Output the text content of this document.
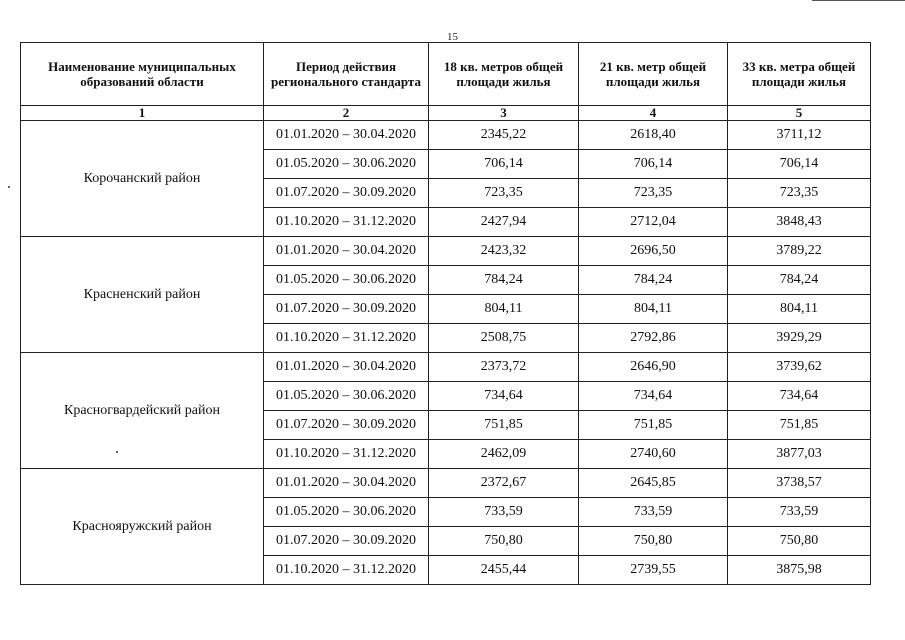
15
Наименование муниципальных образований области	Период действия регионального стандарта	18 кв. метров общей площади жилья	21 кв. метр общей площади жилья	33 кв. метра общей площади жилья
1	2	3	4	5
Корочанский район	01.01.2020 – 30.04.2020	2345,22	2618,40	3711,12
	01.05.2020 – 30.06.2020	706,14	706,14	706,14
	01.07.2020 – 30.09.2020	723,35	723,35	723,35
	01.10.2020 – 31.12.2020	2427,94	2712,04	3848,43
Красненский район	01.01.2020 – 30.04.2020	2423,32	2696,50	3789,22
	01.05.2020 – 30.06.2020	784,24	784,24	784,24
	01.07.2020 – 30.09.2020	804,11	804,11	804,11
	01.10.2020 – 31.12.2020	2508,75	2792,86	3929,29
Красногвардейский район	01.01.2020 – 30.04.2020	2373,72	2646,90	3739,62
	01.05.2020 – 30.06.2020	734,64	734,64	734,64
	01.07.2020 – 30.09.2020	751,85	751,85	751,85
	01.10.2020 – 31.12.2020	2462,09	2740,60	3877,03
Краснояружский район	01.01.2020 – 30.04.2020	2372,67	2645,85	3738,57
	01.05.2020 – 30.06.2020	733,59	733,59	733,59
	01.07.2020 – 30.09.2020	750,80	750,80	750,80
	01.10.2020 – 31.12.2020	2455,44	2739,55	3875,98
